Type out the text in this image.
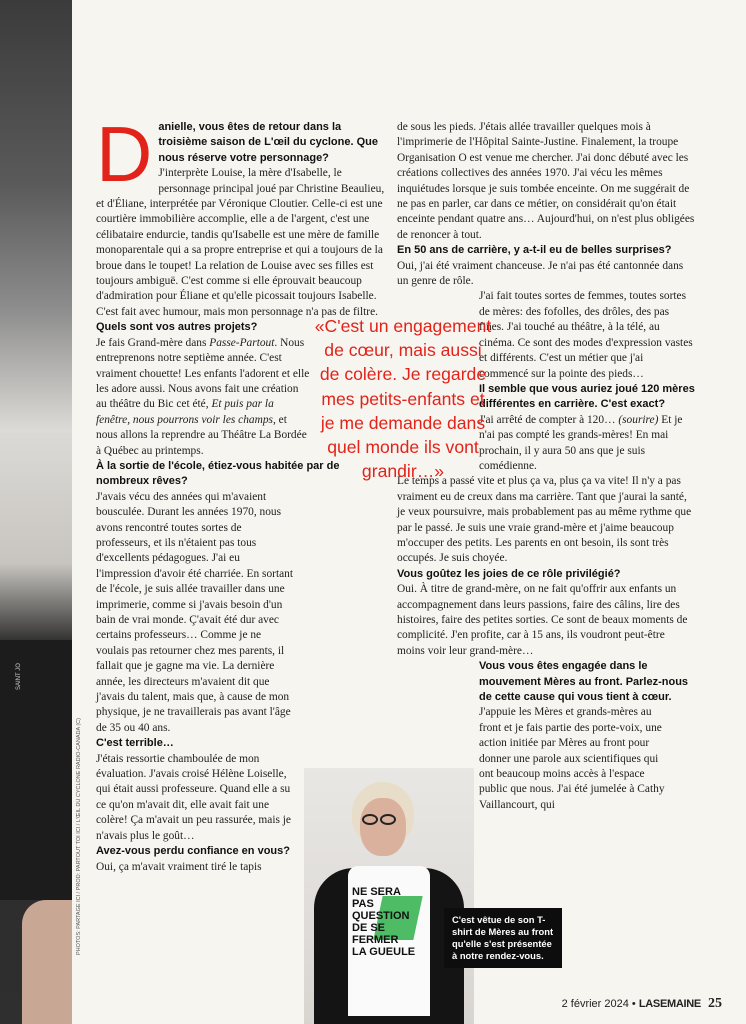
SAINT JO
PHOTOS: PARTAGE ICI / PROD: PARTOUT TOI ICI / L'ŒIL DU CYCLONE RADIO-CANADA (C)
D anielle, vous êtes de retour dans la troisième saison de L'œil du cyclone. Que nous réserve votre personnage?

J'interprète Louise, la mère d'Isabelle, le personnage principal joué par Christine Beaulieu, et d'Éliane, interprétée par Véronique Cloutier. Celle-ci est une courtière immobilière accomplie, elle a de l'argent, c'est une célibataire endurcie, tandis qu'Isabelle est une mère de famille monoparentale qui a sa propre entreprise et qui a toujours de la broue dans le toupet! La relation de Louise avec ses filles est toujours ambiguë. C'est comme si elle éprouvait beaucoup d'admiration pour Éliane et qu'elle picossait toujours Isabelle. C'est fait avec humour, mais mon personnage n'a pas de filtre.

Quels sont vos autres projets?

Je fais Grand-mère dans Passe-Partout. Nous entreprenons notre septième année. C'est vraiment chouette! Les enfants l'adorent et elle les adore aussi. Nous avons fait une création au théâtre du Bic cet été, Et puis par la fenêtre, nous pourrons voir les champs, et nous allons la reprendre au Théâtre La Bordée à Québec au printemps.

À la sortie de l'école, étiez-vous habitée par de nombreux rêves?

J'avais vécu des années qui m'avaient bousculée. Durant les années 1970, nous avons rencontré toutes sortes de professeurs, et ils n'étaient pas tous d'excellents pédagogues. J'ai eu l'impression d'avoir été charriée. En sortant de l'école, je suis allée travailler dans une imprimerie, comme si j'avais besoin d'un bain de vrai monde. Ç'avait été dur avec certains professeurs… Comme je ne voulais pas retourner chez mes parents, il fallait que je gagne ma vie. La dernière année, les directeurs m'avaient dit que j'avais du talent, mais que, à cause de mon physique, je ne travaillerais pas avant l'âge de 35 ou 40 ans.

C'est terrible…

J'étais ressortie chamboulée de mon évaluation. J'avais croisé Hélène Loiselle, qui était aussi professeure. Quand elle a su ce qu'on m'avait dit, elle avait fait une colère! Ça m'avait un peu rassurée, mais je n'avais plus le goût…

Avez-vous perdu confiance en vous?

Oui, ça m'avait vraiment tiré le tapis

de sous les pieds. J'étais allée travailler quelques mois à l'imprimerie de l'Hôpital Sainte-Justine. Finalement, la troupe Organisation O est venue me chercher. J'ai donc débuté avec les créations collectives des années 1970. J'ai vécu les mêmes inquiétudes lorsque je suis tombée enceinte. On me suggérait de ne pas en parler, car dans ce métier, on considérait qu'on était enceinte pendant quatre ans… Aujourd'hui, on n'est plus obligées de renoncer à tout.

En 50 ans de carrière, y a-t-il eu de belles surprises?

Oui, j'ai été vraiment chanceuse. Je n'ai pas été cantonnée dans un genre de rôle.

J'ai fait toutes sortes de femmes, toutes sortes de mères: des fofolles, des drôles, des pas fines. J'ai touché au théâtre, à la télé, au cinéma. Ce sont des modes d'expression vastes et différents. C'est un métier que j'ai commencé sur la pointe des pieds…

Il semble que vous auriez joué 120 mères différentes en carrière. C'est exact?

J'ai arrêté de compter à 120… (sourire) Et je n'ai pas compté les grands-mères! En mai prochain, il y aura 50 ans que je suis comédienne.

Le temps a passé vite et plus ça va, plus ça va vite! Il n'y a pas vraiment eu de creux dans ma carrière. Tant que j'aurai la santé, je veux poursuivre, mais probablement pas au même rythme que par le passé. Je suis une vraie grand-mère et j'aime beaucoup m'occuper des petits. Les parents en ont besoin, ils sont très occupés. Je suis choyée.

Vous goûtez les joies de ce rôle privilégié?

Oui. À titre de grand-mère, on ne fait qu'offrir aux enfants un accompagnement dans leurs passions, faire des câlins, lire des histoires, faire des petites sorties. Ce sont de beaux moments de complicité. J'en profite, car à 15 ans, ils voudront peut-être moins voir leur grand-mère…

Vous vous êtes engagée dans le mouvement Mères au front. Parlez-nous de cette cause qui vous tient à cœur.

J'appuie les Mères et grands-mères au front et je fais partie des porte-voix, une action initiée par Mères au front pour donner une parole aux scientifiques qui ont beaucoup moins accès à l'espace public que nous. J'ai été jumelée à Cathy Vaillancourt, qui

«C'est un engagement de cœur, mais aussi de colère. Je regarde mes petits-enfants et je me demande dans quel monde ils vont grandir…»
NE SERA
PAS
QUESTION
DE SE
FERMER
LA GUEULE
C'est vêtue de son T-shirt de Mères au front qu'elle s'est présentée à notre rendez-vous.
2 février 2024 • LASEMAINE 25
